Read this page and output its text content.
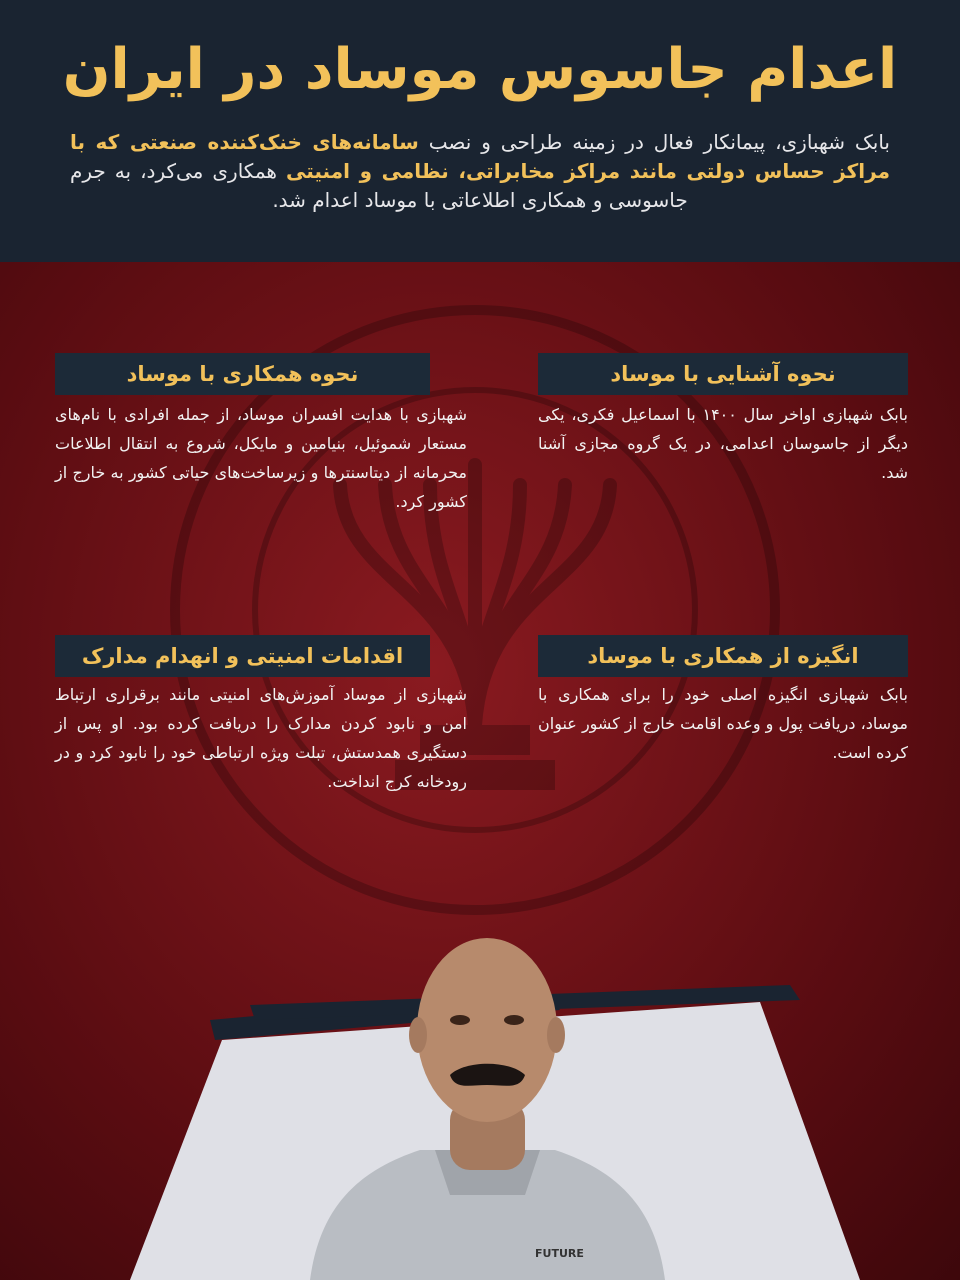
اعدام جاسوس موساد در ایران
بابک شهبازی، پیمانکار فعال در زمینه طراحی و نصب سامانه‌های خنک‌کننده صنعتی که با مراکز حساس دولتی مانند مراکز مخابراتی، نظامی و امنیتی همکاری می‌کرد، به جرم جاسوسی و همکاری اطلاعاتی با موساد اعدام شد.
نحوه آشنایی با موساد
بابک شهبازی اواخر سال ۱۴۰۰ با اسماعیل فکری، یکی دیگر از جاسوسان اعدامی، در یک گروه مجازی آشنا شد.
نحوه همکاری با موساد
شهبازی با هدایت افسران موساد، از جمله افرادی با نام‌های مستعار شموئیل، بنیامین و مایکل، شروع به انتقال اطلاعات محرمانه از دیتاسنترها و زیرساخت‌های حیاتی کشور به خارج از کشور کرد.
انگیزه از همکاری با موساد
بابک شهبازی انگیزه اصلی خود را برای همکاری با موساد، دریافت پول و وعده اقامت خارج از کشور عنوان کرده است.
اقدامات امنیتی و انهدام مدارک
شهبازی از موساد آموزش‌های امنیتی مانند برقراری ارتباط امن و نابود کردن مدارک را دریافت کرده بود. او پس از دستگیری همدستش، تبلت ویژه ارتباطی خود را نابود کرد و در رودخانه کرج انداخت.
FUTURE
